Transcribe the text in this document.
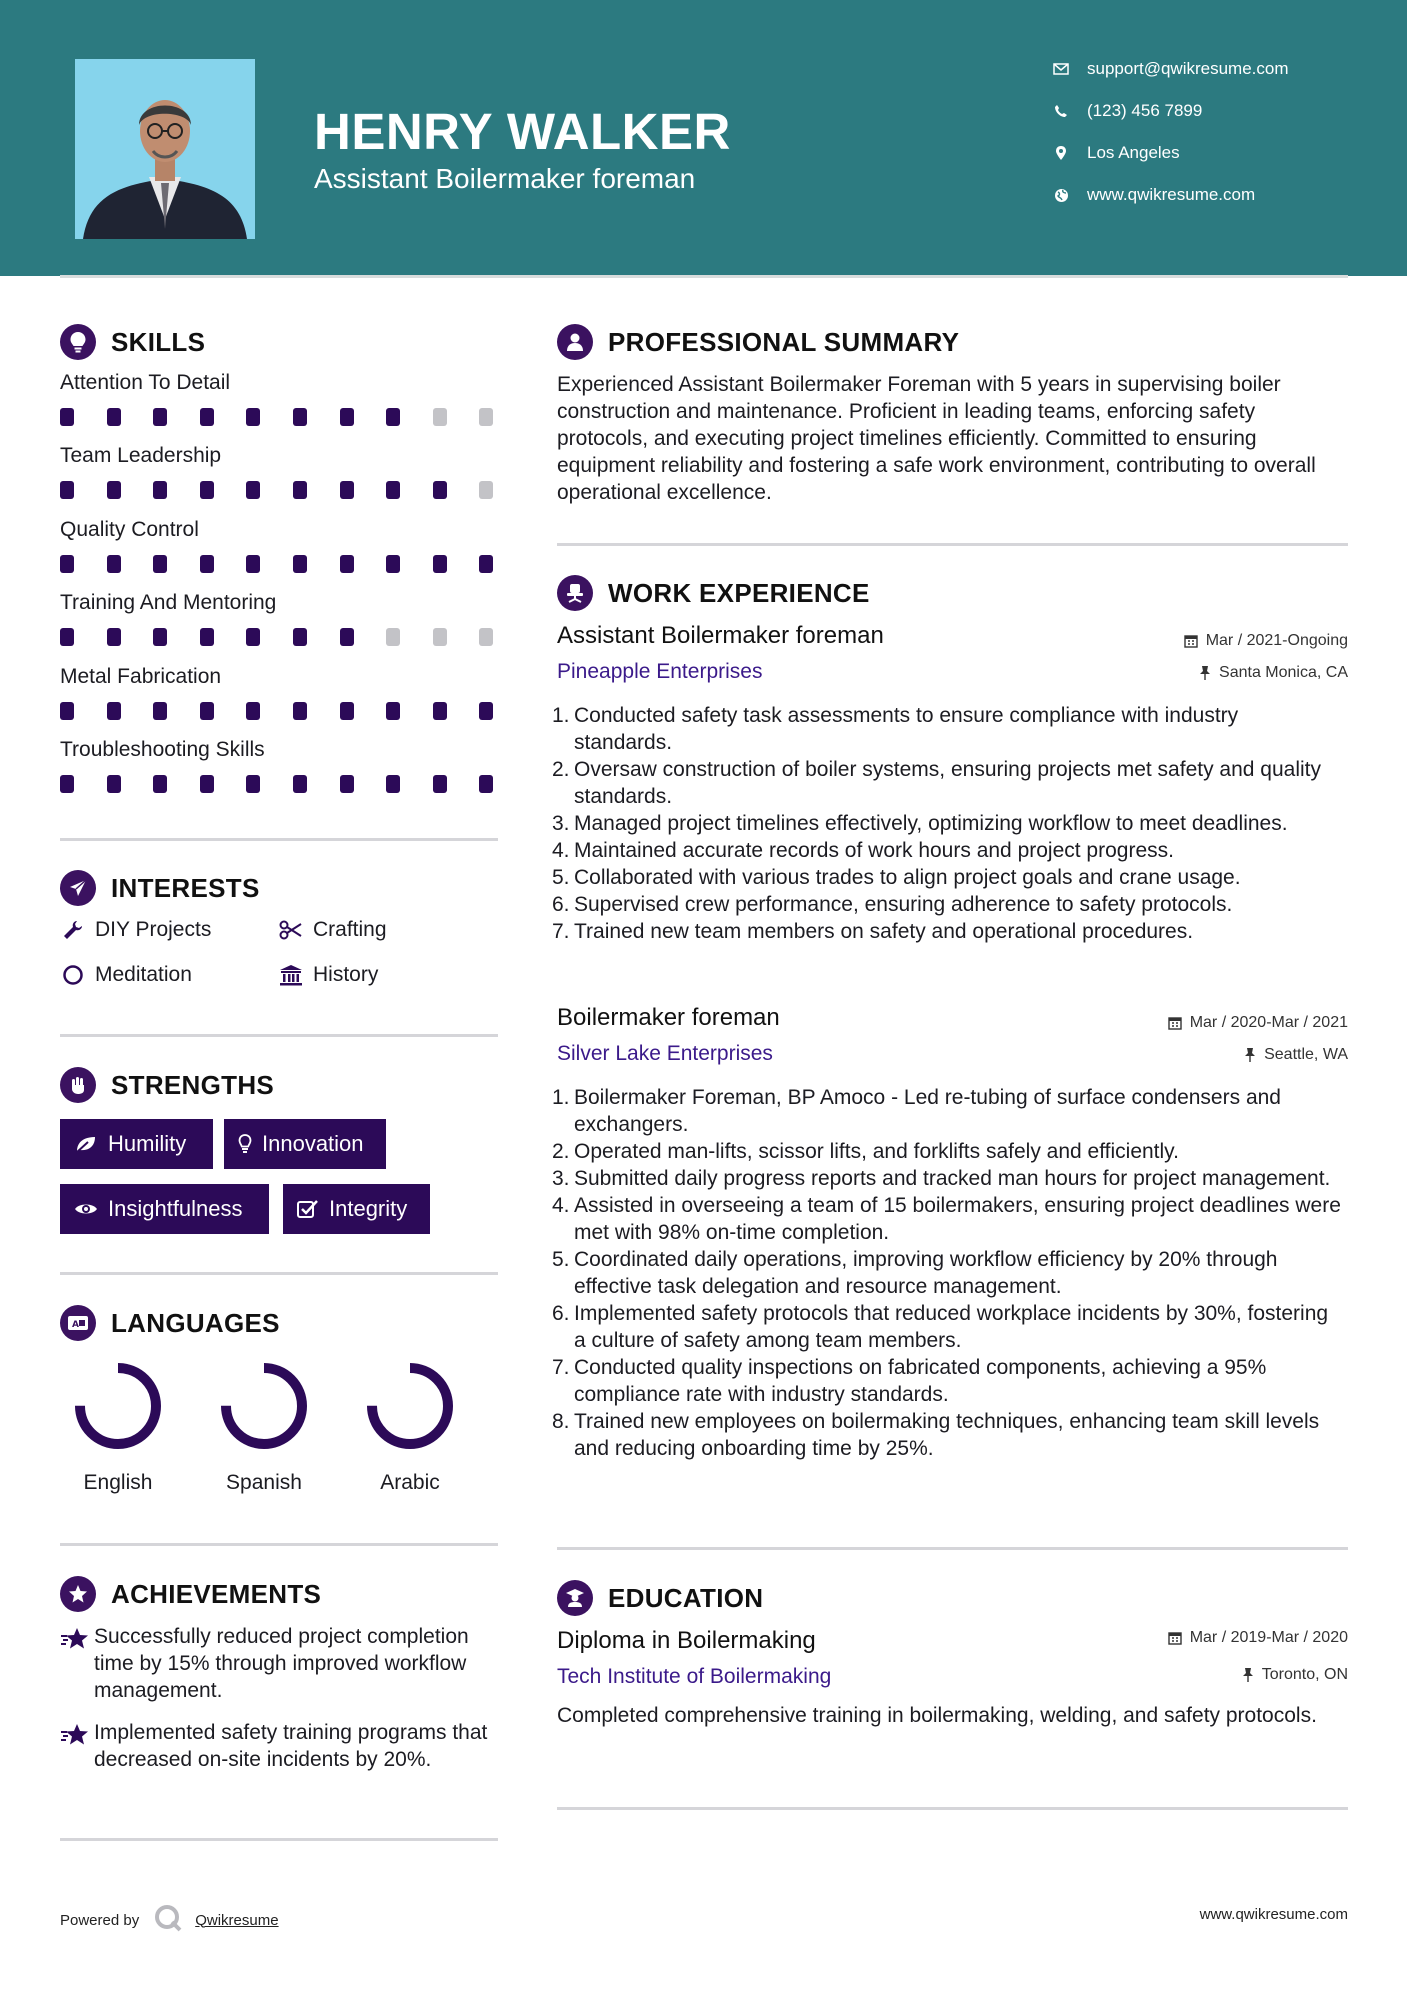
HENRY WALKER
Assistant Boilermaker foreman
support@qwikresume.com
(123) 456 7899
Los Angeles
www.qwikresume.com
SKILLS
Attention To Detail
Team Leadership
Quality Control
Training And Mentoring
Metal Fabrication
Troubleshooting Skills
INTERESTS
DIY Projects	Crafting
Meditation	History
STRENGTHS
Humility	Innovation
Insightfulness	Integrity
A LANGUAGES
English	Spanish	Arabic
ACHIEVEMENTS
Successfully reduced project completion time by 15% through improved workflow management.
Implemented safety training programs that decreased on-site incidents by 20%.
PROFESSIONAL SUMMARY
Experienced Assistant Boilermaker Foreman with 5 years in supervising boiler construction and maintenance. Proficient in leading teams, enforcing safety protocols, and executing project timelines efficiently. Committed to ensuring equipment reliability and fostering a safe work environment, contributing to overall operational excellence.
WORK EXPERIENCE
Assistant Boilermaker foreman	Mar / 2021-Ongoing
Pineapple Enterprises	Santa Monica, CA
1. Conducted safety task assessments to ensure compliance with industry standards.
2. Oversaw construction of boiler systems, ensuring projects met safety and quality standards.
3. Managed project timelines effectively, optimizing workflow to meet deadlines.
4. Maintained accurate records of work hours and project progress.
5. Collaborated with various trades to align project goals and crane usage.
6. Supervised crew performance, ensuring adherence to safety protocols.
7. Trained new team members on safety and operational procedures.
Boilermaker foreman	Mar / 2020-Mar / 2021
Silver Lake Enterprises	Seattle, WA
1. Boilermaker Foreman, BP Amoco - Led re-tubing of surface condensers and exchangers.
2. Operated man-lifts, scissor lifts, and forklifts safely and efficiently.
3. Submitted daily progress reports and tracked man hours for project management.
4. Assisted in overseeing a team of 15 boilermakers, ensuring project deadlines were met with 98% on-time completion.
5. Coordinated daily operations, improving workflow efficiency by 20% through effective task delegation and resource management.
6. Implemented safety protocols that reduced workplace incidents by 30%, fostering a culture of safety among team members.
7. Conducted quality inspections on fabricated components, achieving a 95% compliance rate with industry standards.
8. Trained new employees on boilermaking techniques, enhancing team skill levels and reducing onboarding time by 25%.
EDUCATION
Diploma in Boilermaking	Mar / 2019-Mar / 2020
Tech Institute of Boilermaking	Toronto, ON
Completed comprehensive training in boilermaking, welding, and safety protocols.
Powered by	Qwikresume	www.qwikresume.com
